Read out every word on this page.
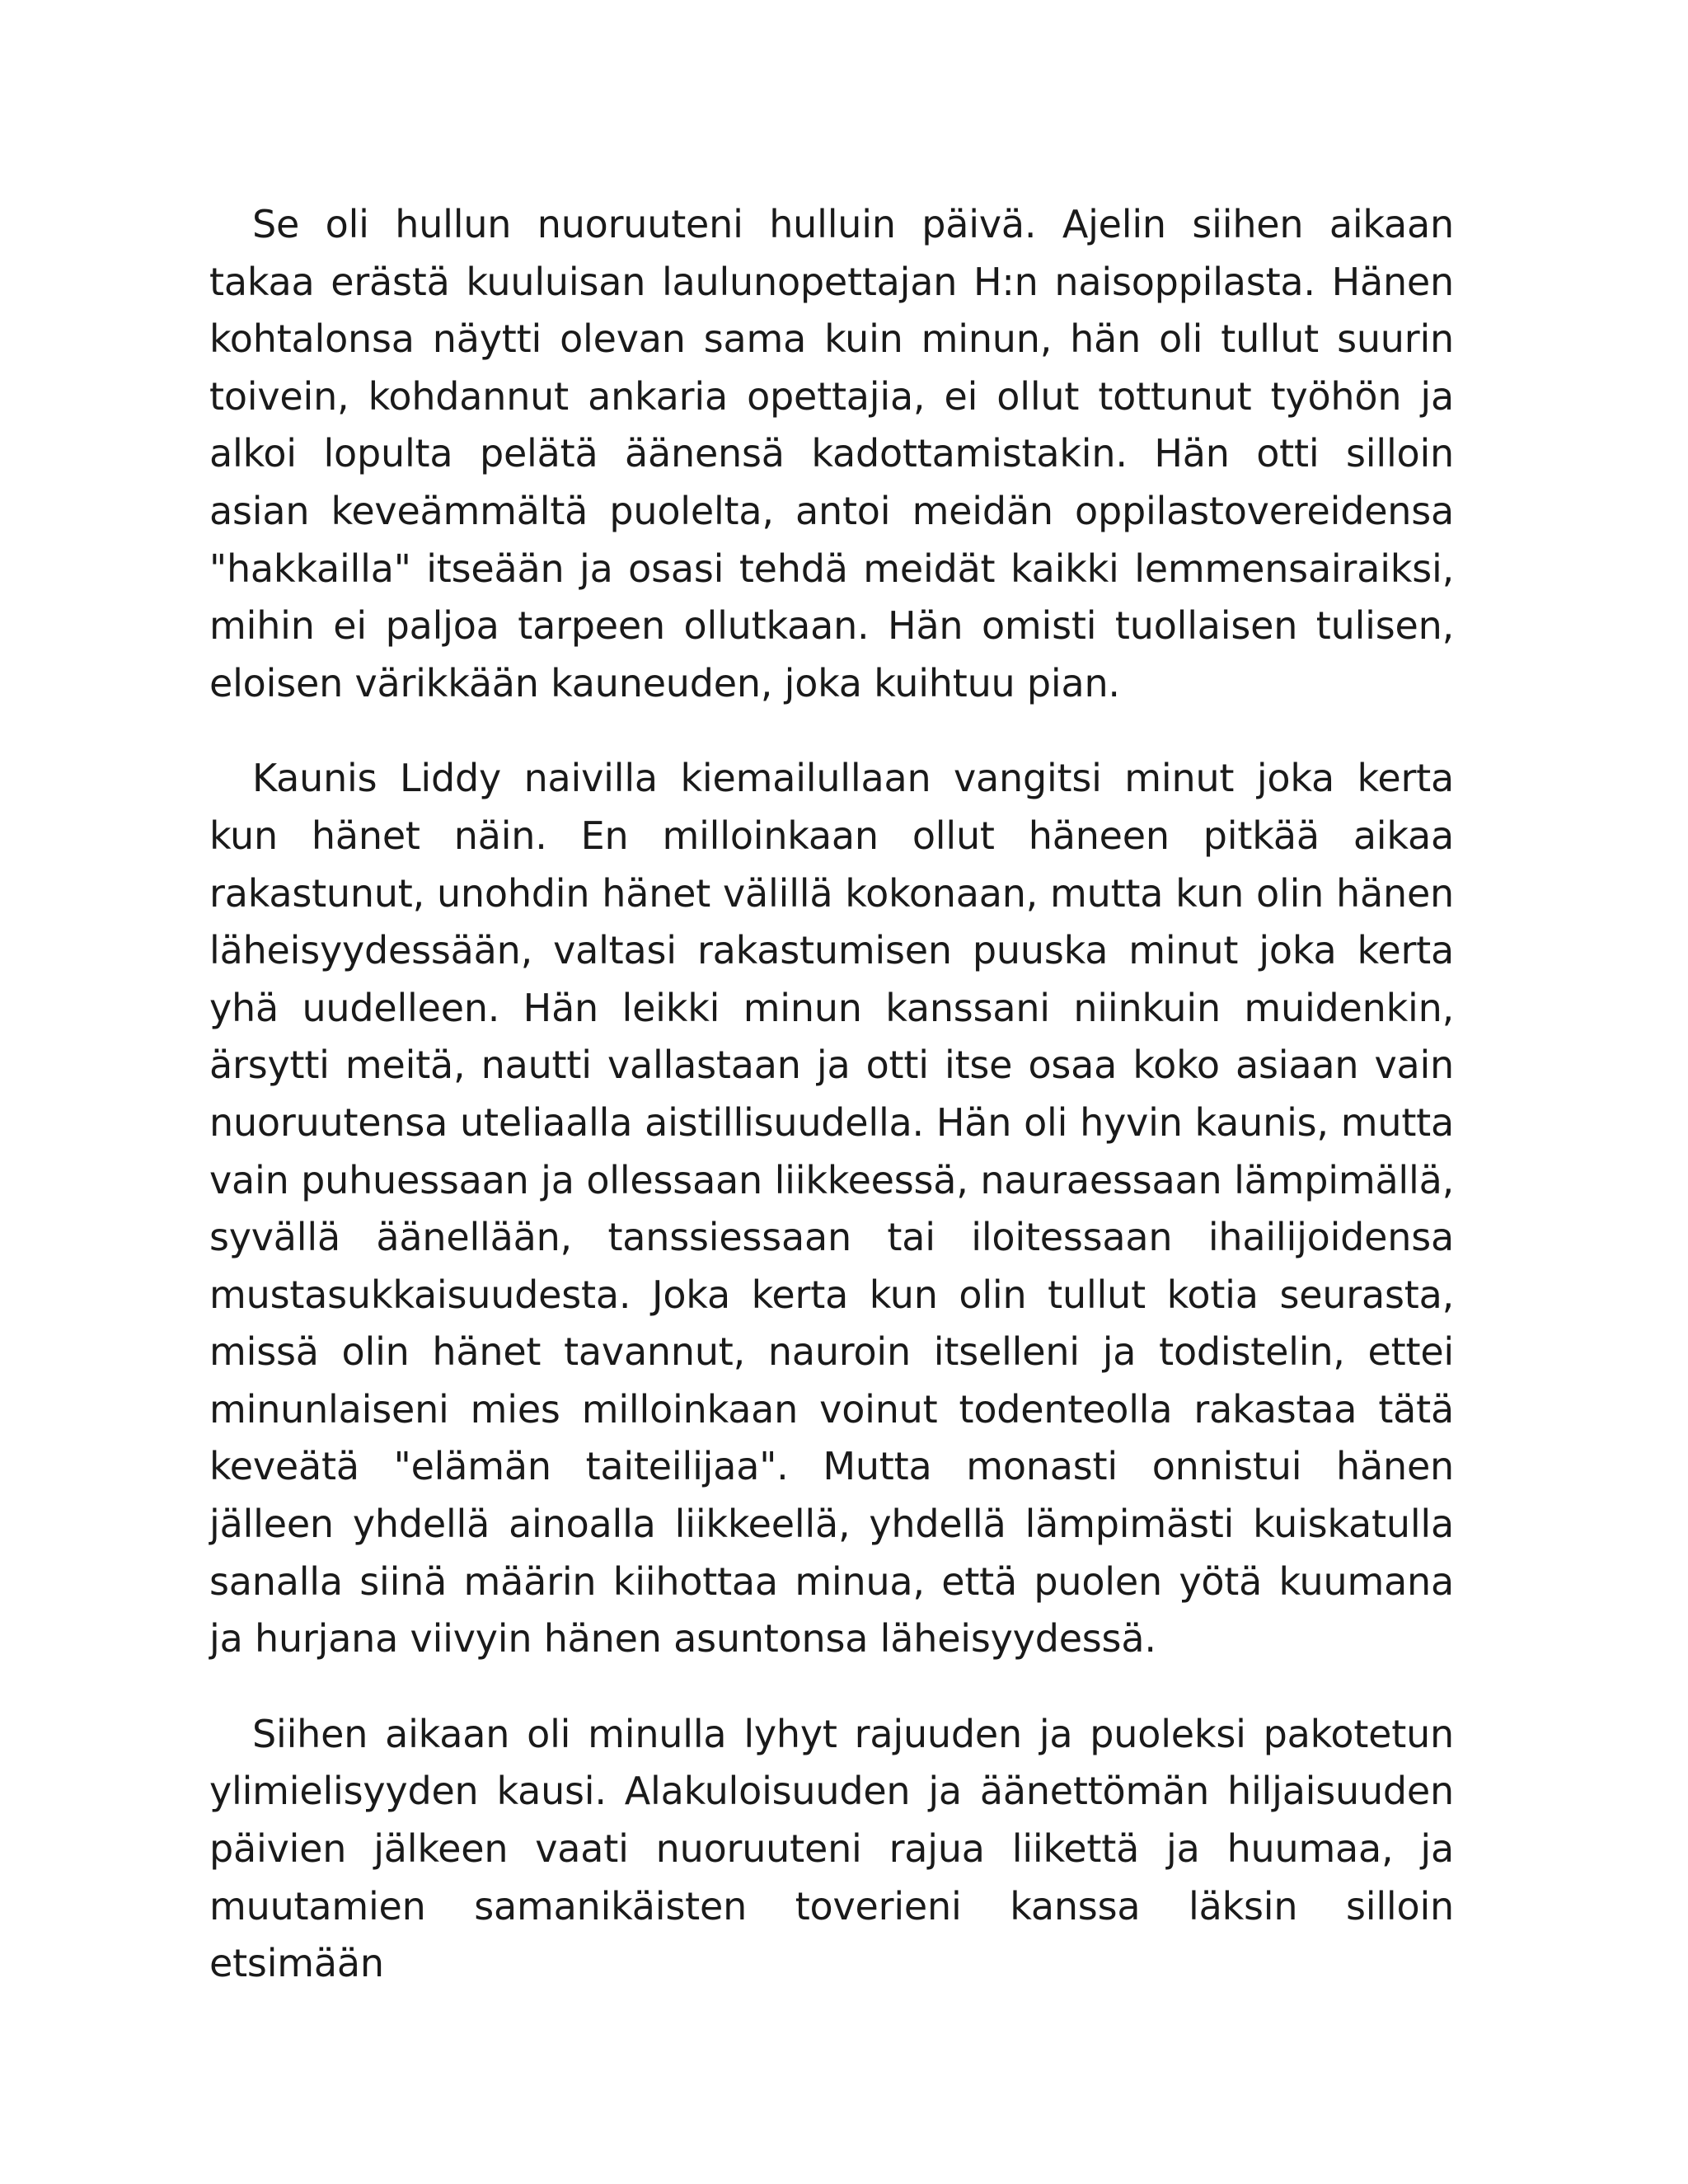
Se oli hullun nuoruuteni hulluin päivä. Ajelin siihen aikaan takaa erästä kuuluisan laulunopettajan H:n naisoppilasta. Hänen kohtalonsa näytti olevan sama kuin minun, hän oli tullut suurin toivein, kohdannut ankaria opettajia, ei ollut tottunut työhön ja alkoi lopulta pelätä äänensä kadottamistakin. Hän otti silloin asian keveämmältä puolelta, antoi meidän oppilastovereidensa "hakkailla" itseään ja osasi tehdä meidät kaikki lemmensairaiksi, mihin ei paljoa tarpeen ollutkaan. Hän omisti tuollaisen tulisen, eloisen värikkään kauneuden, joka kuihtuu pian.

Kaunis Liddy naivilla kiemailullaan vangitsi minut joka kerta kun hänet näin. En milloinkaan ollut häneen pitkää aikaa rakastunut, unohdin hänet välillä kokonaan, mutta kun olin hänen läheisyydessään, valtasi rakastumisen puuska minut joka kerta yhä uudelleen. Hän leikki minun kanssani niinkuin muidenkin, ärsytti meitä, nautti vallastaan ja otti itse osaa koko asiaan vain nuoruutensa uteliaalla aistillisuudella. Hän oli hyvin kaunis, mutta vain puhuessaan ja ollessaan liikkeessä, nauraessaan lämpimällä, syvällä äänellään, tanssiessaan tai iloitessaan ihailijoidensa mustasukkaisuudesta. Joka kerta kun olin tullut kotia seurasta, missä olin hänet tavannut, nauroin itselleni ja todistelin, ettei minunlaiseni mies milloinkaan voinut todenteolla rakastaa tätä keveätä "elämän taiteilijaa". Mutta monasti onnistui hänen jälleen yhdellä ainoalla liikkeellä, yhdellä lämpimästi kuiskatulla sanalla siinä määrin kiihottaa minua, että puolen yötä kuumana ja hurjana viivyin hänen asuntonsa läheisyydessä.

Siihen aikaan oli minulla lyhyt rajuuden ja puoleksi pakotetun ylimielisyyden kausi. Alakuloisuuden ja äänettömän hiljaisuuden päivien jälkeen vaati nuoruuteni rajua liikettä ja huumaa, ja muutamien samanikäisten toverieni kanssa läksin silloin etsimään
